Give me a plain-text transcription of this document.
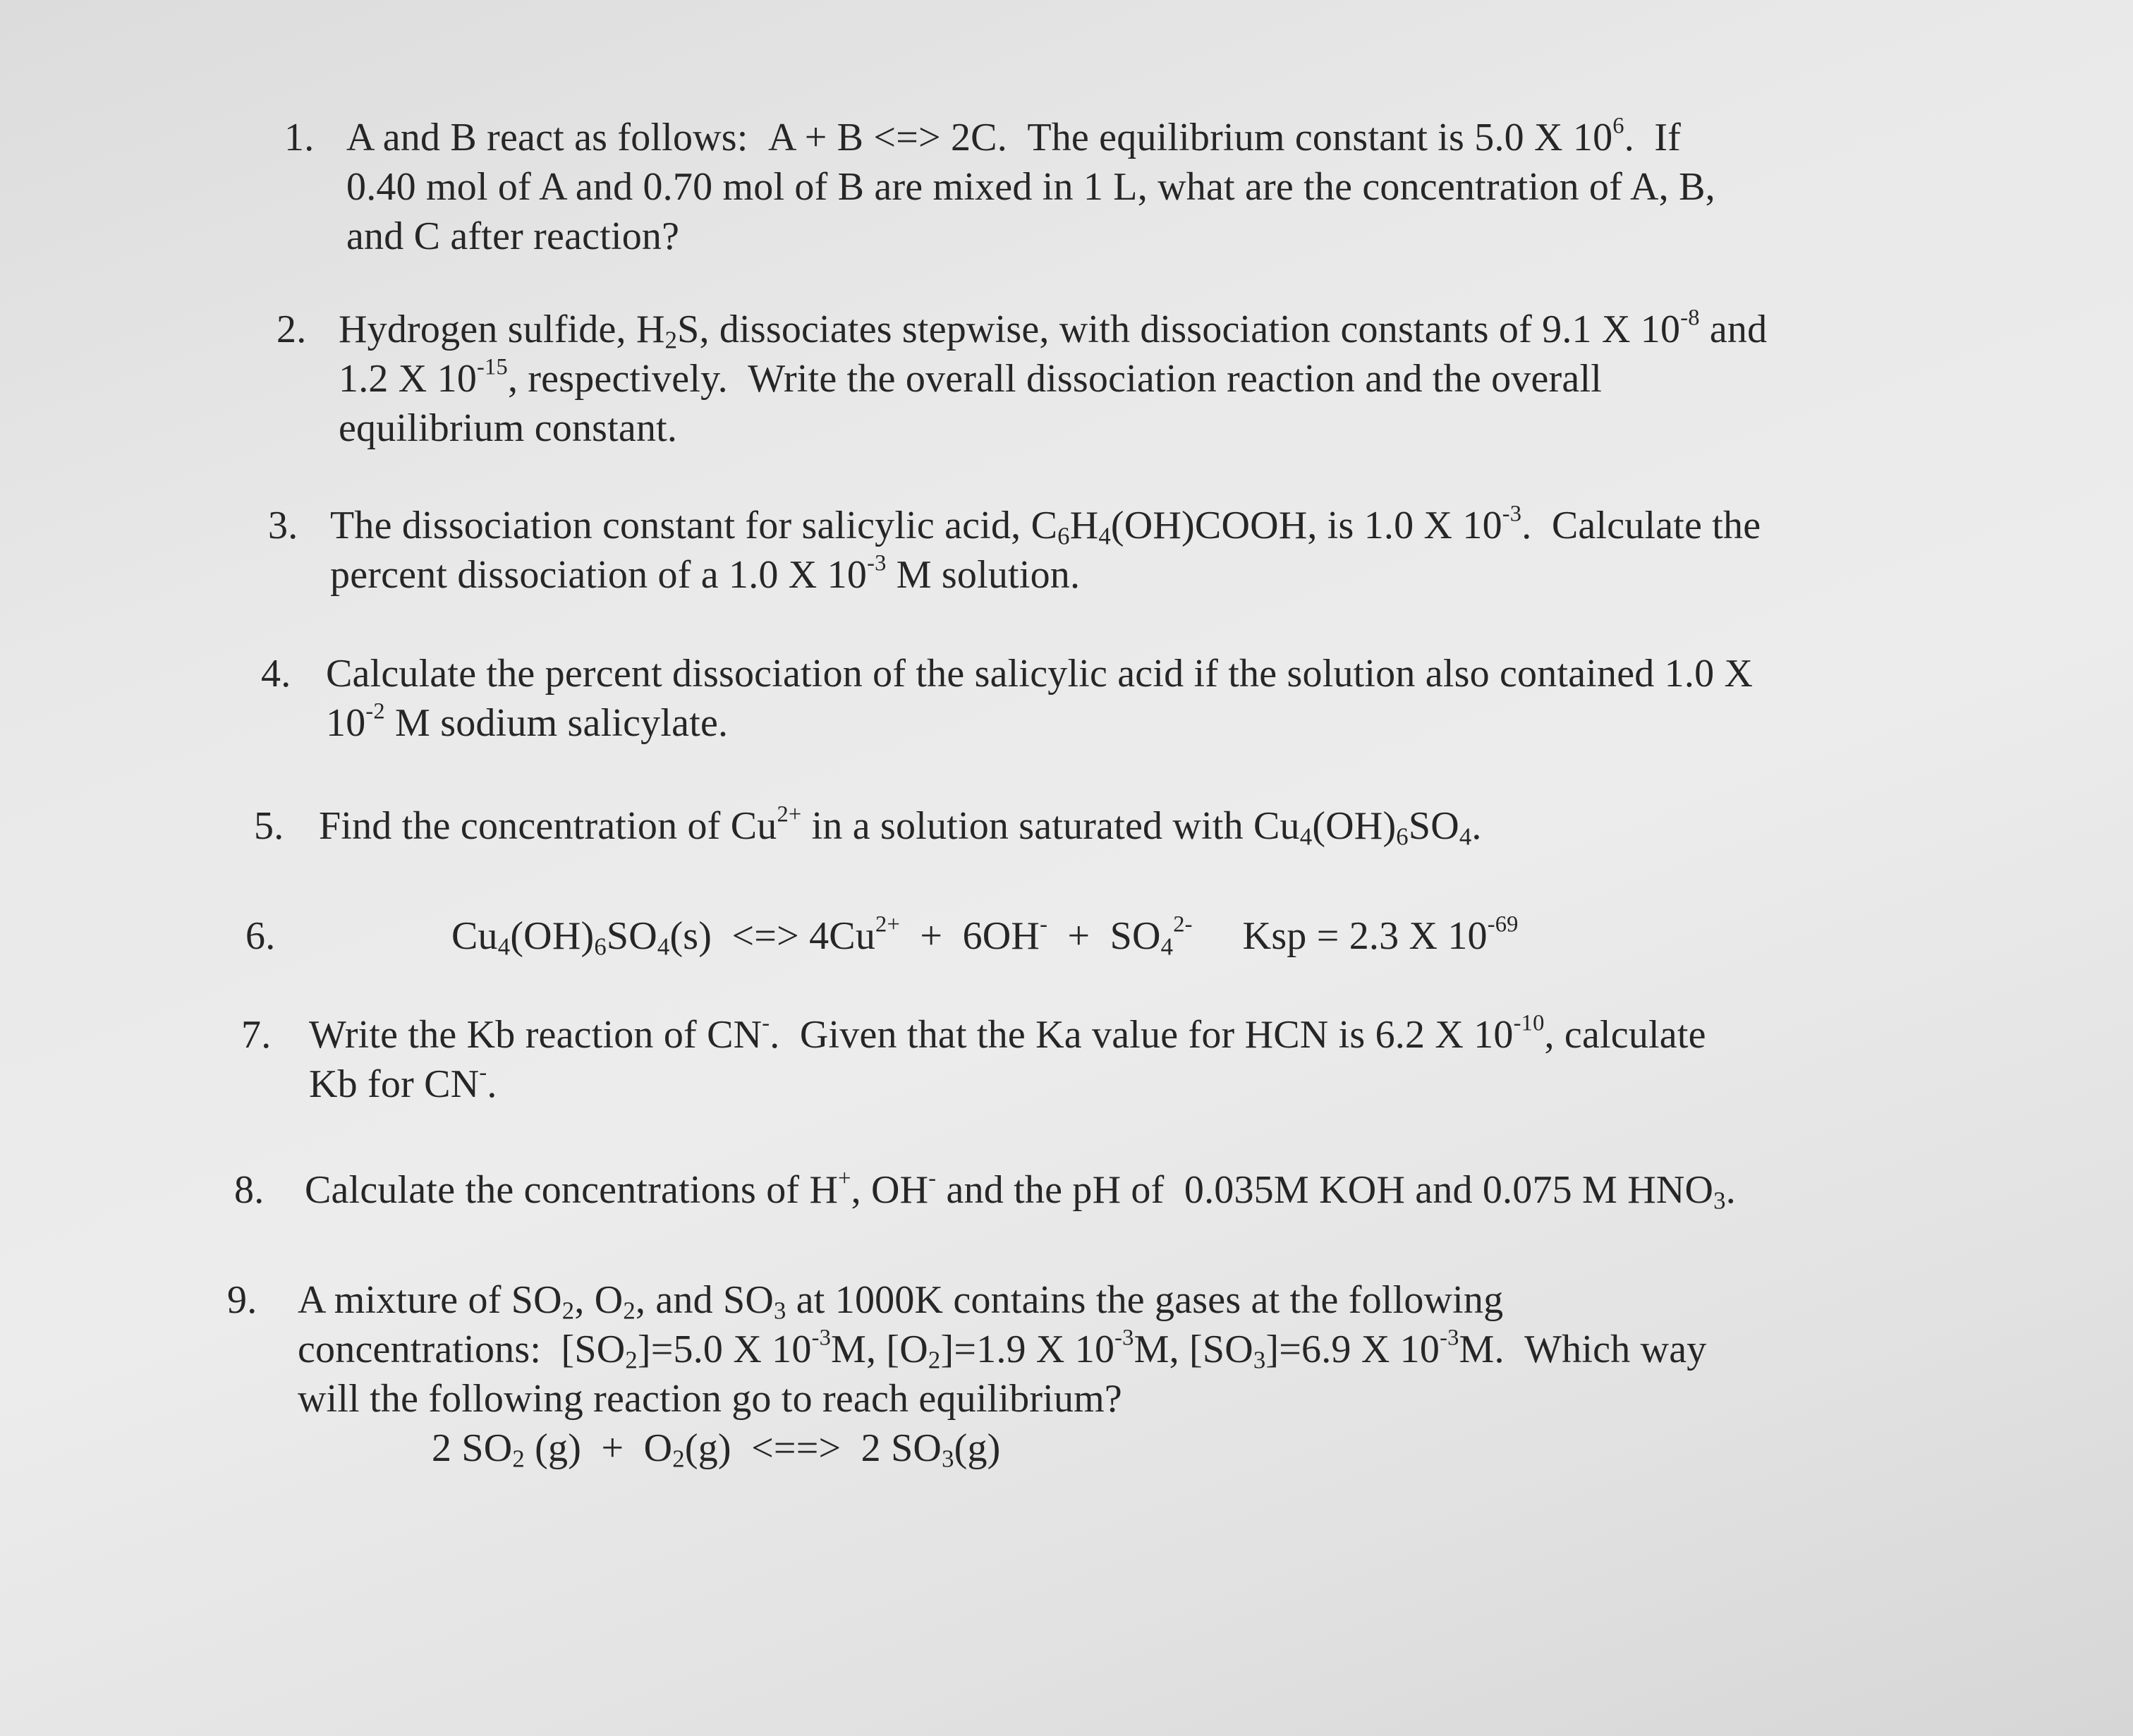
1. A and B react as follows:  A + B <=> 2C.  The equilibrium constant is 5.0 X $10^6$.  If
0.40 mol of A and 0.70 mol of B are mixed in 1 L, what are the concentration of A, B,
and C after reaction?
2. Hydrogen sulfide, $H_2S$, dissociates stepwise, with dissociation constants of 9.1 X $10^{-8}$ and
1.2 X $10^{-15}$, respectively.  Write the overall dissociation reaction and the overall
equilibrium constant.
3. The dissociation constant for salicylic acid, $C_6H_4(OH)COOH$, is 1.0 X $10^{-3}$.  Calculate the
percent dissociation of a 1.0 X $10^{-3}$ M solution.
4. Calculate the percent dissociation of the salicylic acid if the solution also contained 1.0 X
$10^{-2}$ M sodium salicylate.
5. Find the concentration of $Cu^{2+}$ in a solution saturated with $Cu_4(OH)_6SO_4$.
6.	$Cu_4(OH)_6SO_4(s)$  <=> $4Cu^{2+} + 6OH^- + SO_4^{2-}$     Ksp = 2.3 X $10^{-69}$
7. Write the Kb reaction of CN-.  Given that the Ka value for HCN is 6.2 X $10^{-10}$, calculate
Kb for CN-.
8. Calculate the concentrations of H+, OH- and the pH of  0.035M KOH and 0.075 M $HNO_3$.
9. A mixture of $SO_2$, $O_2$, and $SO_3$ at 1000K contains the gases at the following
concentrations:  $[SO_2]=5.0$ X $10^{-3}M$, $[O_2]=1.9$ X $10^{-3}M$, $[SO_3]=6.9$ X $10^{-3}M$.  Which way
will the following reaction go to reach equilibrium?
2 $SO_2$ $(g) + O_2(g)$  <==>  2 $SO_3(g)$
